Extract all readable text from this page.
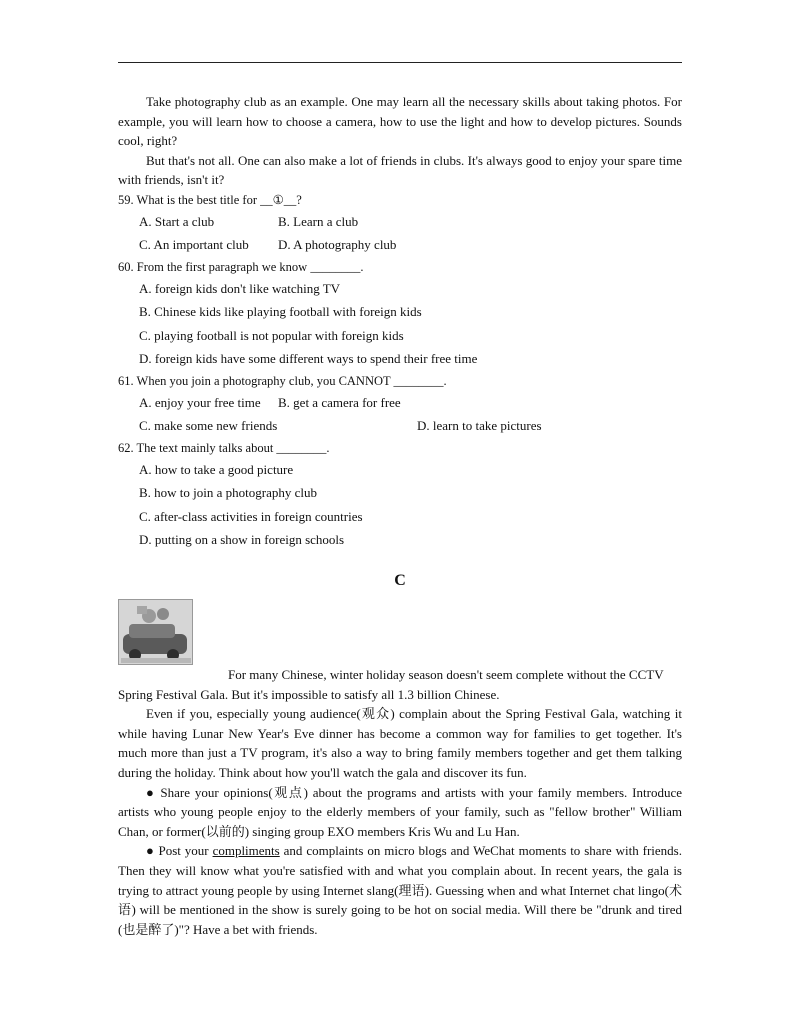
Take photography club as an example. One may learn all the necessary skills about taking photos. For example, you will learn how to choose a camera, how to use the light and how to develop pictures. Sounds cool, right?

But that's not all. One can also make a lot of friends in clubs. It's always good to enjoy your spare time with friends, isn't it?

59. What is the best title for __①__?

A. Start a club	B. Learn a club

C. An important club D. A photography club

60. From the first paragraph we know ________.

A. foreign kids don't like watching TV

B. Chinese kids like playing football with foreign kids

C. playing football is not popular with foreign kids

D. foreign kids have some different ways to spend their free time

61. When you join a photography club, you CANNOT ________.

A. enjoy your free time B. get a camera for free

C. make some new friends	D. learn to take pictures

62. The text mainly talks about ________.

A. how to take a good picture

B. how to join a photography club

C. after-class activities in foreign countries

D. putting on a show in foreign schools

C

For many Chinese, winter holiday season doesn't seem complete without the CCTV

Spring Festival Gala. But it's impossible to satisfy all 1.3 billion Chinese.

Even if you, especially young audience(观众) complain about the Spring Festival Gala, watching it while having Lunar New Year's Eve dinner has become a common way for families to get together. It's much more than just a TV program, it's also a way to bring family members together and get them talking during the holiday. Think about how you'll watch the gala and discover its fun.

● Share your opinions(观点) about the programs and artists with your family members. Introduce artists who young people enjoy to the elderly members of your family, such as "fellow brother" William Chan, or former(以前的) singing group EXO members Kris Wu and Lu Han.

● Post your compliments and complaints on micro blogs and WeChat moments to share with friends. Then they will know what you're satisfied with and what you complain about. In recent years, the gala is trying to attract young people by using Internet slang(理语). Guessing when and what Internet chat lingo(术语) will be mentioned in the show is surely going to be hot on social media. Will there be "drunk and tired (也是醉了)"? Have a bet with friends.
